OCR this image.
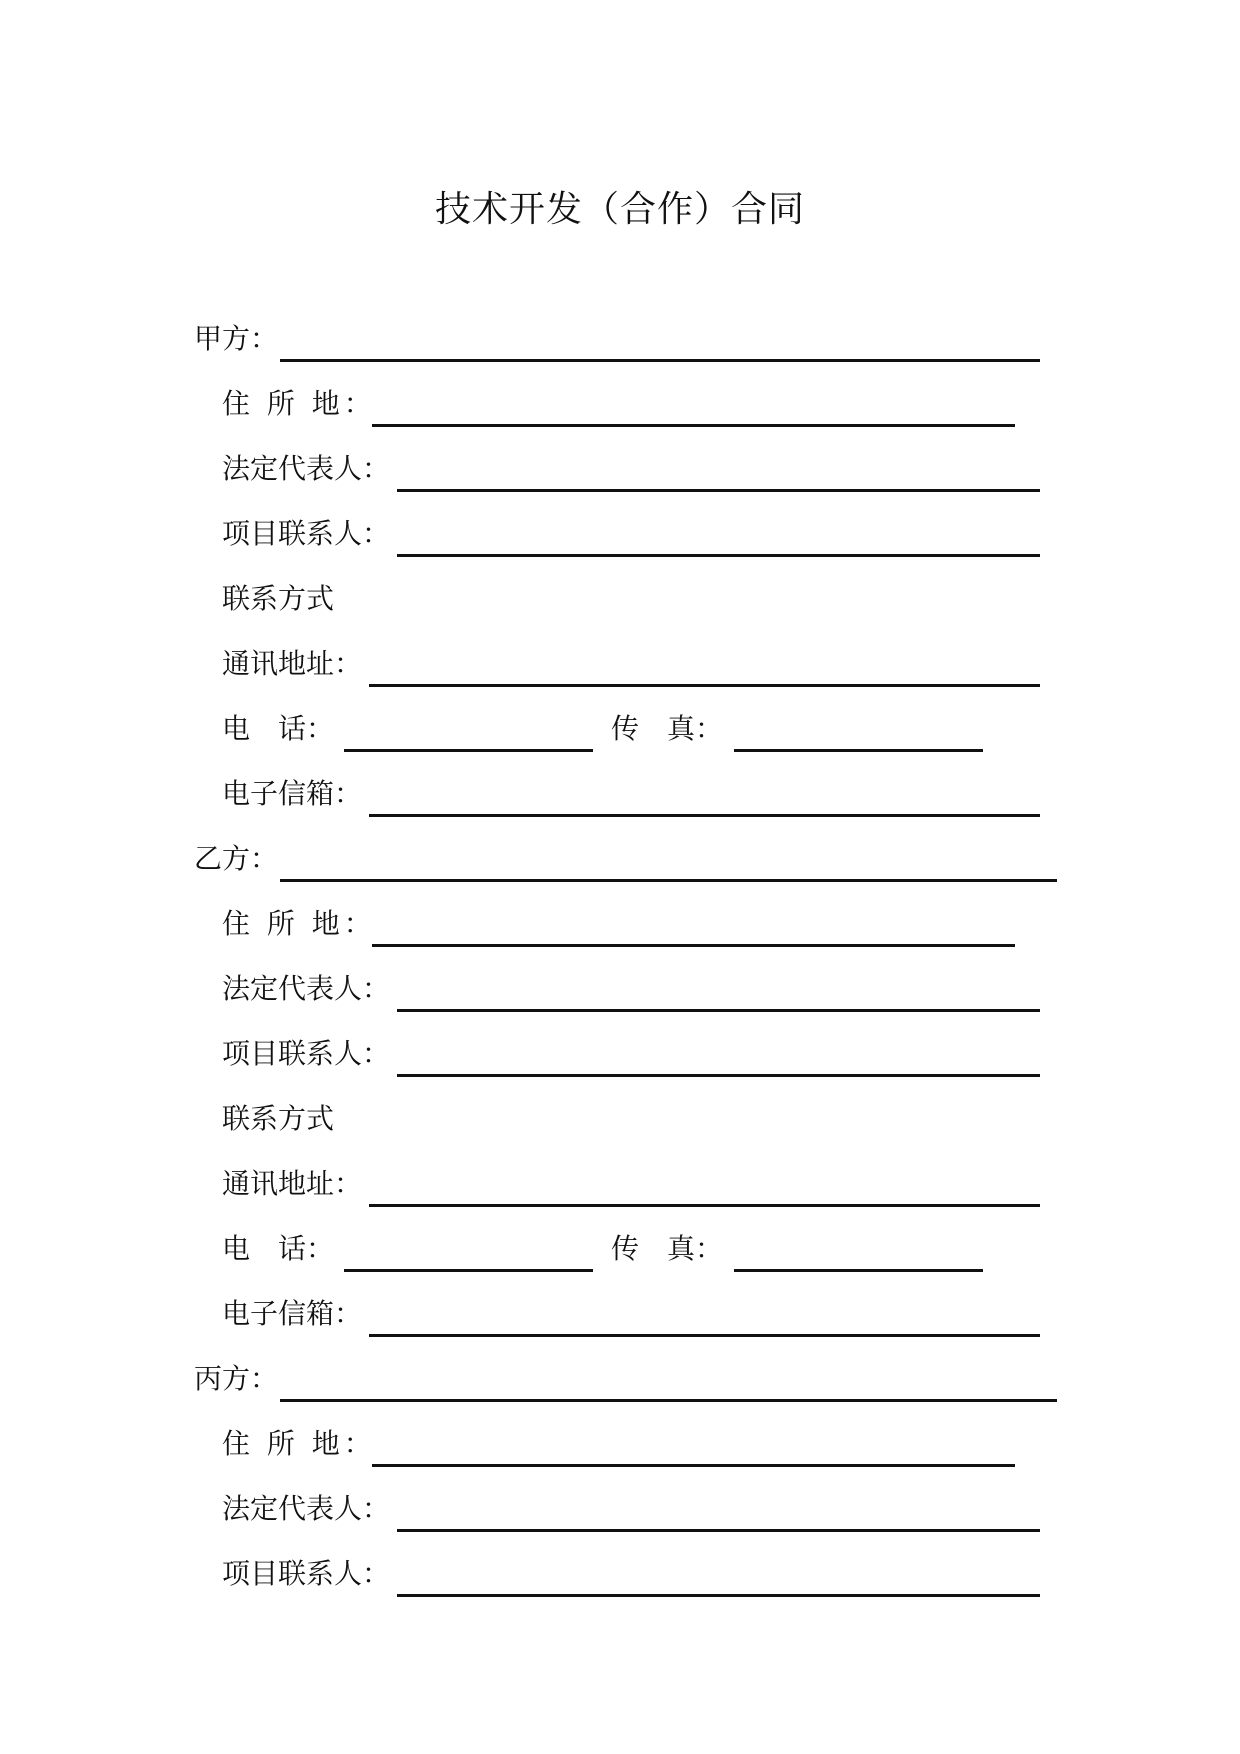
技术开发（合作）合同
甲方：
住 所 地：
法定代表人：
项目联系人：
联系方式
通讯地址：
电　话：	传　真：
电子信箱：
乙方：
住 所 地：
法定代表人：
项目联系人：
联系方式
通讯地址：
电　话：	传　真：
电子信箱：
丙方：
住 所 地：
法定代表人：
项目联系人：
